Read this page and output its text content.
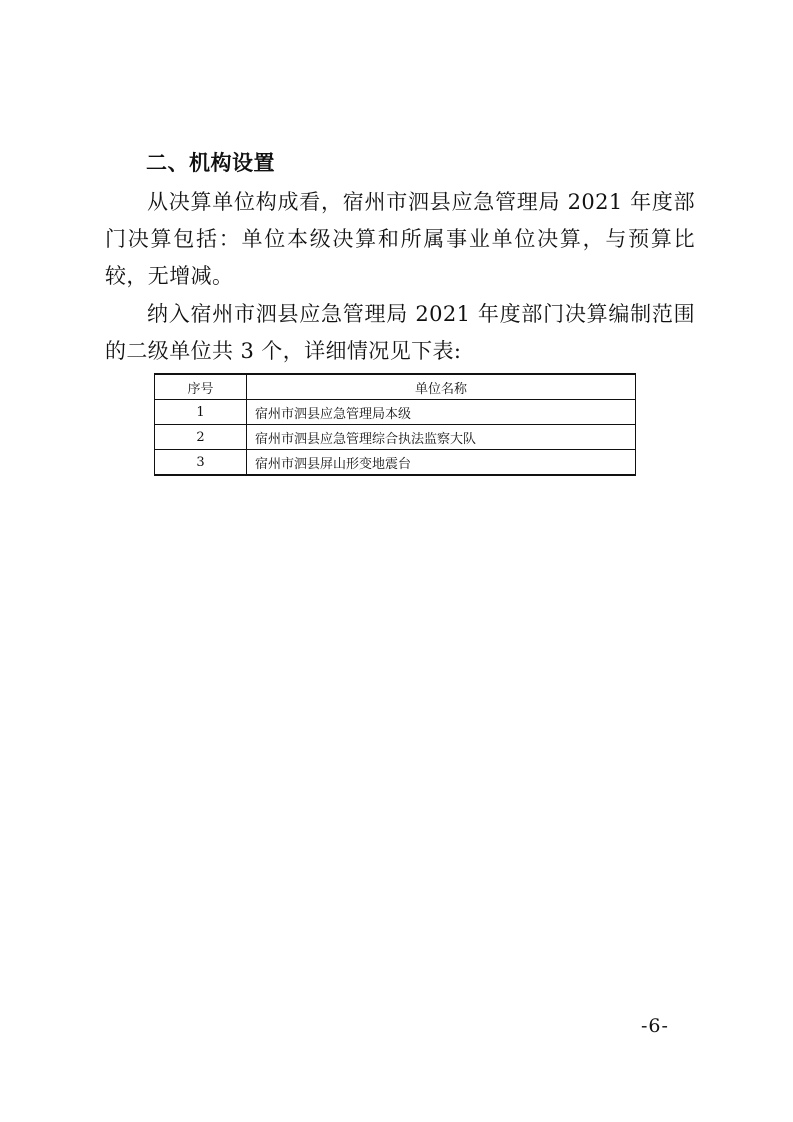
二、机构设置

从决算单位构成看，宿州市泗县应急管理局 2021 年度部门决算包括：单位本级决算和所属事业单位决算，与预算比较，无增减。

纳入宿州市泗县应急管理局 2021 年度部门决算编制范围的二级单位共 3 个，详细情况见下表:

序号	单位名称
1	宿州市泗县应急管理局本级
2	宿州市泗县应急管理综合执法监察大队
3	宿州市泗县屏山形变地震台
-6-
